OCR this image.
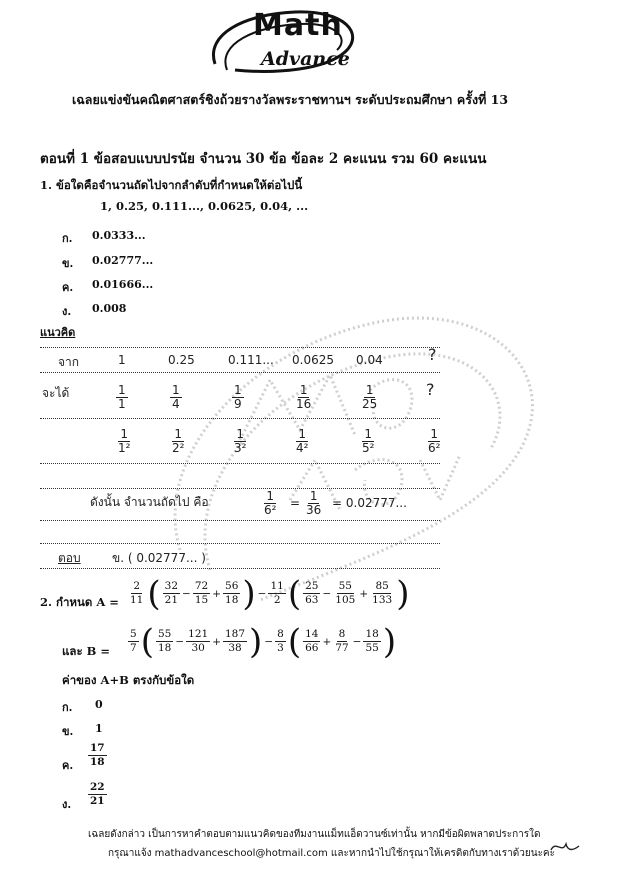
Math
Advance
เฉลยแข่งขันคณิตศาสตร์ชิงถ้วยรางวัลพระราชทานฯ ระดับประถมศึกษา ครั้งที่ 13
ตอนที่ 1 ข้อสอบแบบปรนัย จำนวน 30 ข้อ ข้อละ 2 คะแนน รวม 60 คะแนน
1. ข้อใดคือจำนวนถัดไปจากลำดับที่กำหนดให้ต่อไปนี้
1, 0.25, 0.111..., 0.0625, 0.04, ...
ก. 0.0333...
ข. 0.02777...
ค. 0.01666...
ง. 0.008
แนวคิด
จาก	1	0.25	0.111... 0.0625 0.04	?
จะได้	$\frac{1}{1}$	$\frac{1}{4}$	$\frac{1}{9}$	$\frac{1}{16}$	$\frac{1}{25}$	?
$\frac{1}{\text{1²}}$	$\frac{1}{\text{2²}}$	$\frac{1}{\text{3²}}$	$\frac{1}{\text{4²}}$	$\frac{1}{\text{5²}}$	$\frac{1}{\text{6²}}$
ดังนั้น จำนวนถัดไป คือ	$\frac{1}{\text{6²}} = \frac{1}{36} = 0.02777$...
ตอบ	ข. ( 0.02777... )
2. กำหนด $A = \frac{2}{11}$ ( $\frac{32}{21} - \frac{72}{15} + \frac{56}{18}$ ) − $\frac{11}{2}$ ( $\frac{25}{63} - \frac{55}{105} + \frac{85}{133}$ )
และ $B = \frac{5}{7}$ ( $\frac{55}{18} - \frac{121}{30} + \frac{187}{38}$ ) − $\frac{8}{3}$ ( $\frac{14}{66} + \frac{8}{77} - \frac{18}{55}$ )
ค่าของ A+B ตรงกับข้อใด
ก. 0
ข. 1
ค. $\frac{17}{18}$
ง. $\frac{22}{21}$
เฉลยดังกล่าว เป็นการหาคำตอบตามแนวคิดของทีมงานแม็ทแอ็ดวานซ์เท่านั้น หากมีข้อผิดพลาดประการใด
กรุณาแจ้ง mathadvanceschool@hotmail.com และหากนำไปใช้กรุณาให้เครดิตกับทางเราด้วยนะคะ
